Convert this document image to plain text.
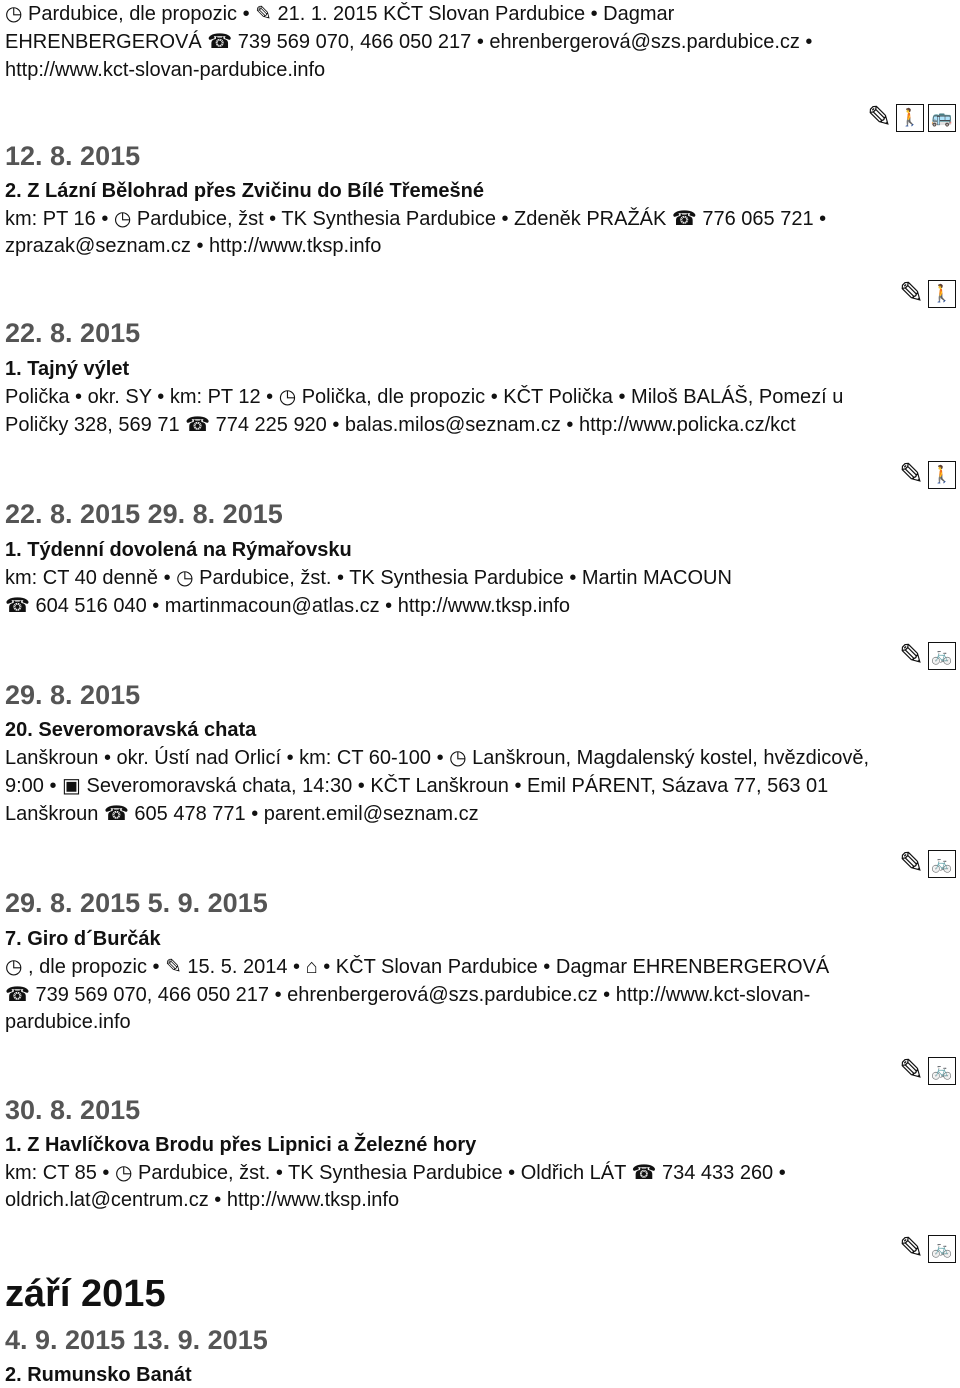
◷ Pardubice, dle propozic • ✎ 21. 1. 2015 KČT Slovan Pardubice • Dagmar
EHRENBERGEROVÁ ☎ 739 569 070, 466 050 217 • ehrenbergerová@szs.pardubice.cz •
http://www.kct-slovan-pardubice.info
✎ 🚶 🚌
12. 8. 2015
2. Z Lázní Bělohrad přes Zvičinu do Bílé Třemešné
km: PT 16 • ◷ Pardubice, žst • TK Synthesia Pardubice • Zdeněk PRAŽÁK ☎ 776 065 721 •
zprazak@seznam.cz • http://www.tksp.info
✎ 🚶
22. 8. 2015
1. Tajný výlet
Polička • okr. SY • km: PT 12 • ◷ Polička, dle propozic • KČT Polička • Miloš BALÁŠ, Pomezí u
Poličky 328, 569 71 ☎ 774 225 920 • balas.milos@seznam.cz • http://www.policka.cz/kct
✎ 🚶
22. 8. 2015 29. 8. 2015
1. Týdenní dovolená na Rýmařovsku
km: CT 40 denně • ◷ Pardubice, žst. • TK Synthesia Pardubice • Martin MACOUN
☎ 604 516 040 • martinmacoun@atlas.cz • http://www.tksp.info
✎ 🚲
29. 8. 2015
20. Severomoravská chata
Lanškroun • okr. Ústí nad Orlicí • km: CT 60-100 • ◷ Lanškroun, Magdalenský kostel, hvězdicově,
9:00 • ▣ Severomoravská chata, 14:30 • KČT Lanškroun • Emil PÁRENT, Sázava 77, 563 01
Lanškroun ☎ 605 478 771 • parent.emil@seznam.cz
✎ 🚲
29. 8. 2015 5. 9. 2015
7. Giro d´Burčák
◷ , dle propozic • ✎ 15. 5. 2014 • ⌂ • KČT Slovan Pardubice • Dagmar EHRENBERGEROVÁ
☎ 739 569 070, 466 050 217 • ehrenbergerová@szs.pardubice.cz • http://www.kct-slovan-
pardubice.info
✎ 🚲
30. 8. 2015
1. Z Havlíčkova Brodu přes Lipnici a Železné hory
km: CT 85 • ◷ Pardubice, žst. • TK Synthesia Pardubice • Oldřich LÁT ☎ 734 433 260 •
oldrich.lat@centrum.cz • http://www.tksp.info
✎ 🚲
září 2015
4. 9. 2015 13. 9. 2015
2. Rumunsko Banát
